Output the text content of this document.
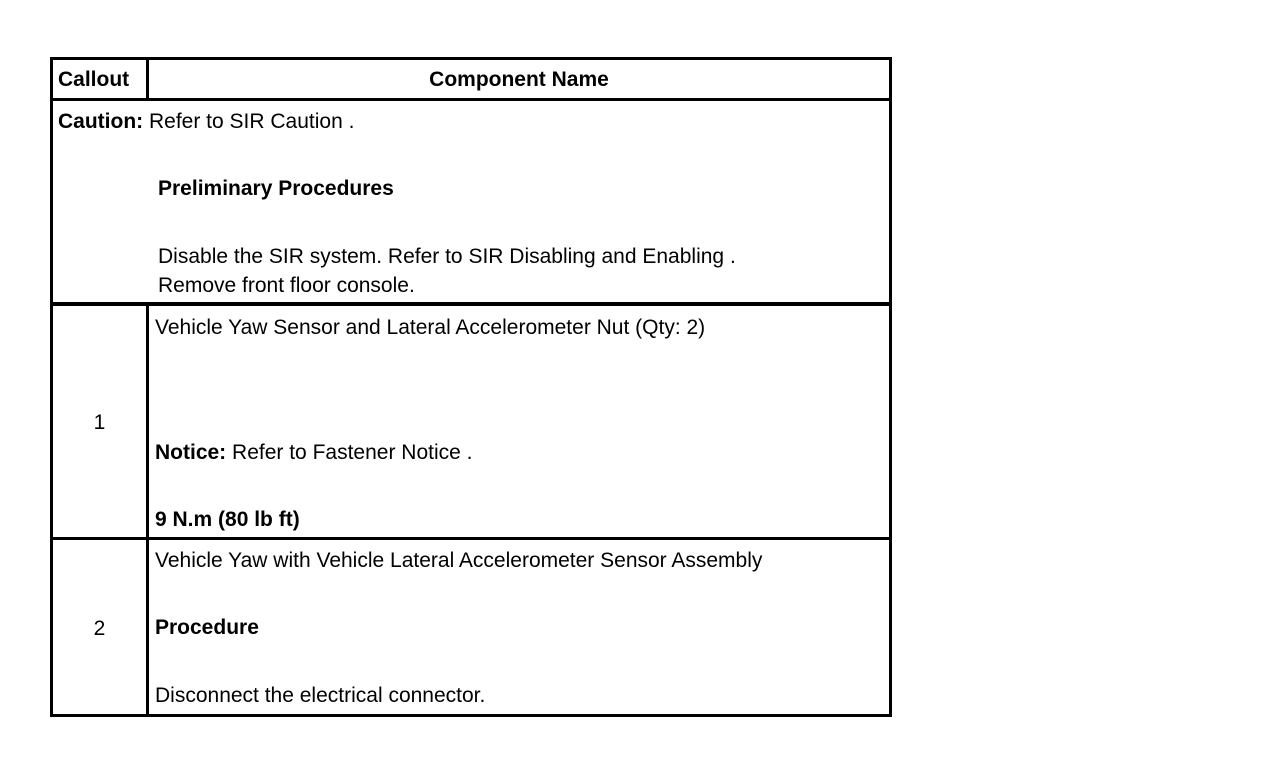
Callout	Component Name
Caution: Refer to SIR Caution .
Preliminary Procedures
Disable the SIR system. Refer to SIR Disabling and Enabling .
Remove front floor console.
1
Vehicle Yaw Sensor and Lateral Accelerometer Nut (Qty: 2)
Notice: Refer to Fastener Notice .
9 N.m (80 lb ft)
2
Vehicle Yaw with Vehicle Lateral Accelerometer Sensor Assembly
Procedure
Disconnect the electrical connector.
